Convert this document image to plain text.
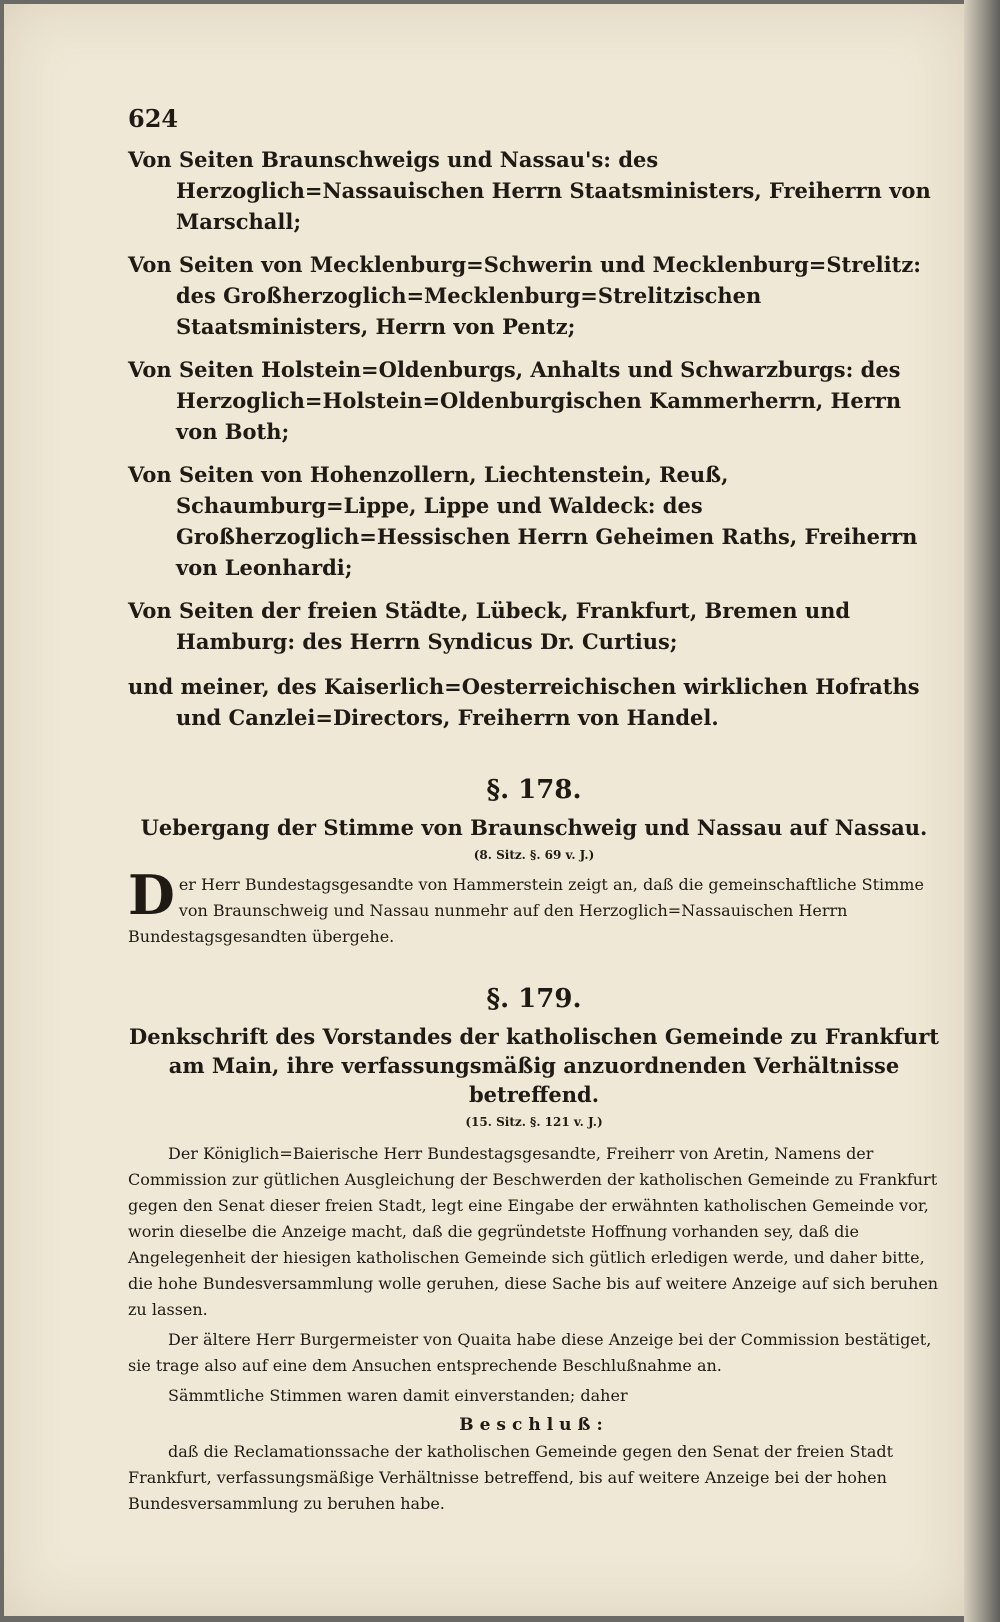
624

Von Seiten Braunschweigs und Nassau's: des Herzoglich=Nassauischen Herrn Staatsministers, Freiherrn von Marschall;

Von Seiten von Mecklenburg=Schwerin und Mecklenburg=Strelitz: des Großherzoglich=Mecklenburg=Strelitzischen Staatsministers, Herrn von Pentz;

Von Seiten Holstein=Oldenburgs, Anhalts und Schwarzburgs: des Herzoglich=Holstein=Oldenburgischen Kammerherrn, Herrn von Both;

Von Seiten von Hohenzollern, Liechtenstein, Reuß, Schaumburg=Lippe, Lippe und Waldeck: des Großherzoglich=Hessischen Herrn Geheimen Raths, Freiherrn von Leonhardi;

Von Seiten der freien Städte, Lübeck, Frankfurt, Bremen und Hamburg: des Herrn Syndicus Dr. Curtius;

und meiner, des Kaiserlich=Oesterreichischen wirklichen Hofraths und Canzlei=Directors, Freiherrn von Handel.

§. 178.

Uebergang der Stimme von Braunschweig und Nassau auf Nassau.

(8. Sitz. §. 69 v. J.)

Der Herr Bundestagsgesandte von Hammerstein zeigt an, daß die gemeinschaftliche Stimme von Braunschweig und Nassau nunmehr auf den Herzoglich=Nassauischen Herrn Bundestagsgesandten übergehe.

§. 179.

Denkschrift des Vorstandes der katholischen Gemeinde zu Frankfurt am Main, ihre verfassungsmäßig anzuordnenden Verhältnisse betreffend.

(15. Sitz. §. 121 v. J.)

Der Königlich=Baierische Herr Bundestagsgesandte, Freiherr von Aretin, Namens der Commission zur gütlichen Ausgleichung der Beschwerden der katholischen Gemeinde zu Frankfurt gegen den Senat dieser freien Stadt, legt eine Eingabe der erwähnten katholischen Gemeinde vor, worin dieselbe die Anzeige macht, daß die gegründetste Hoffnung vorhanden sey, daß die Angelegenheit der hiesigen katholischen Gemeinde sich gütlich erledigen werde, und daher bitte, die hohe Bundesversammlung wolle geruhen, diese Sache bis auf weitere Anzeige auf sich beruhen zu lassen.

Der ältere Herr Burgermeister von Quaita habe diese Anzeige bei der Commission bestätiget, sie trage also auf eine dem Ansuchen entsprechende Beschlußnahme an.

Sämmtliche Stimmen waren damit einverstanden; daher

Beschluß:

daß die Reclamationssache der katholischen Gemeinde gegen den Senat der freien Stadt Frankfurt, verfassungsmäßige Verhältnisse betreffend, bis auf weitere Anzeige bei der hohen Bundesversammlung zu beruhen habe.
